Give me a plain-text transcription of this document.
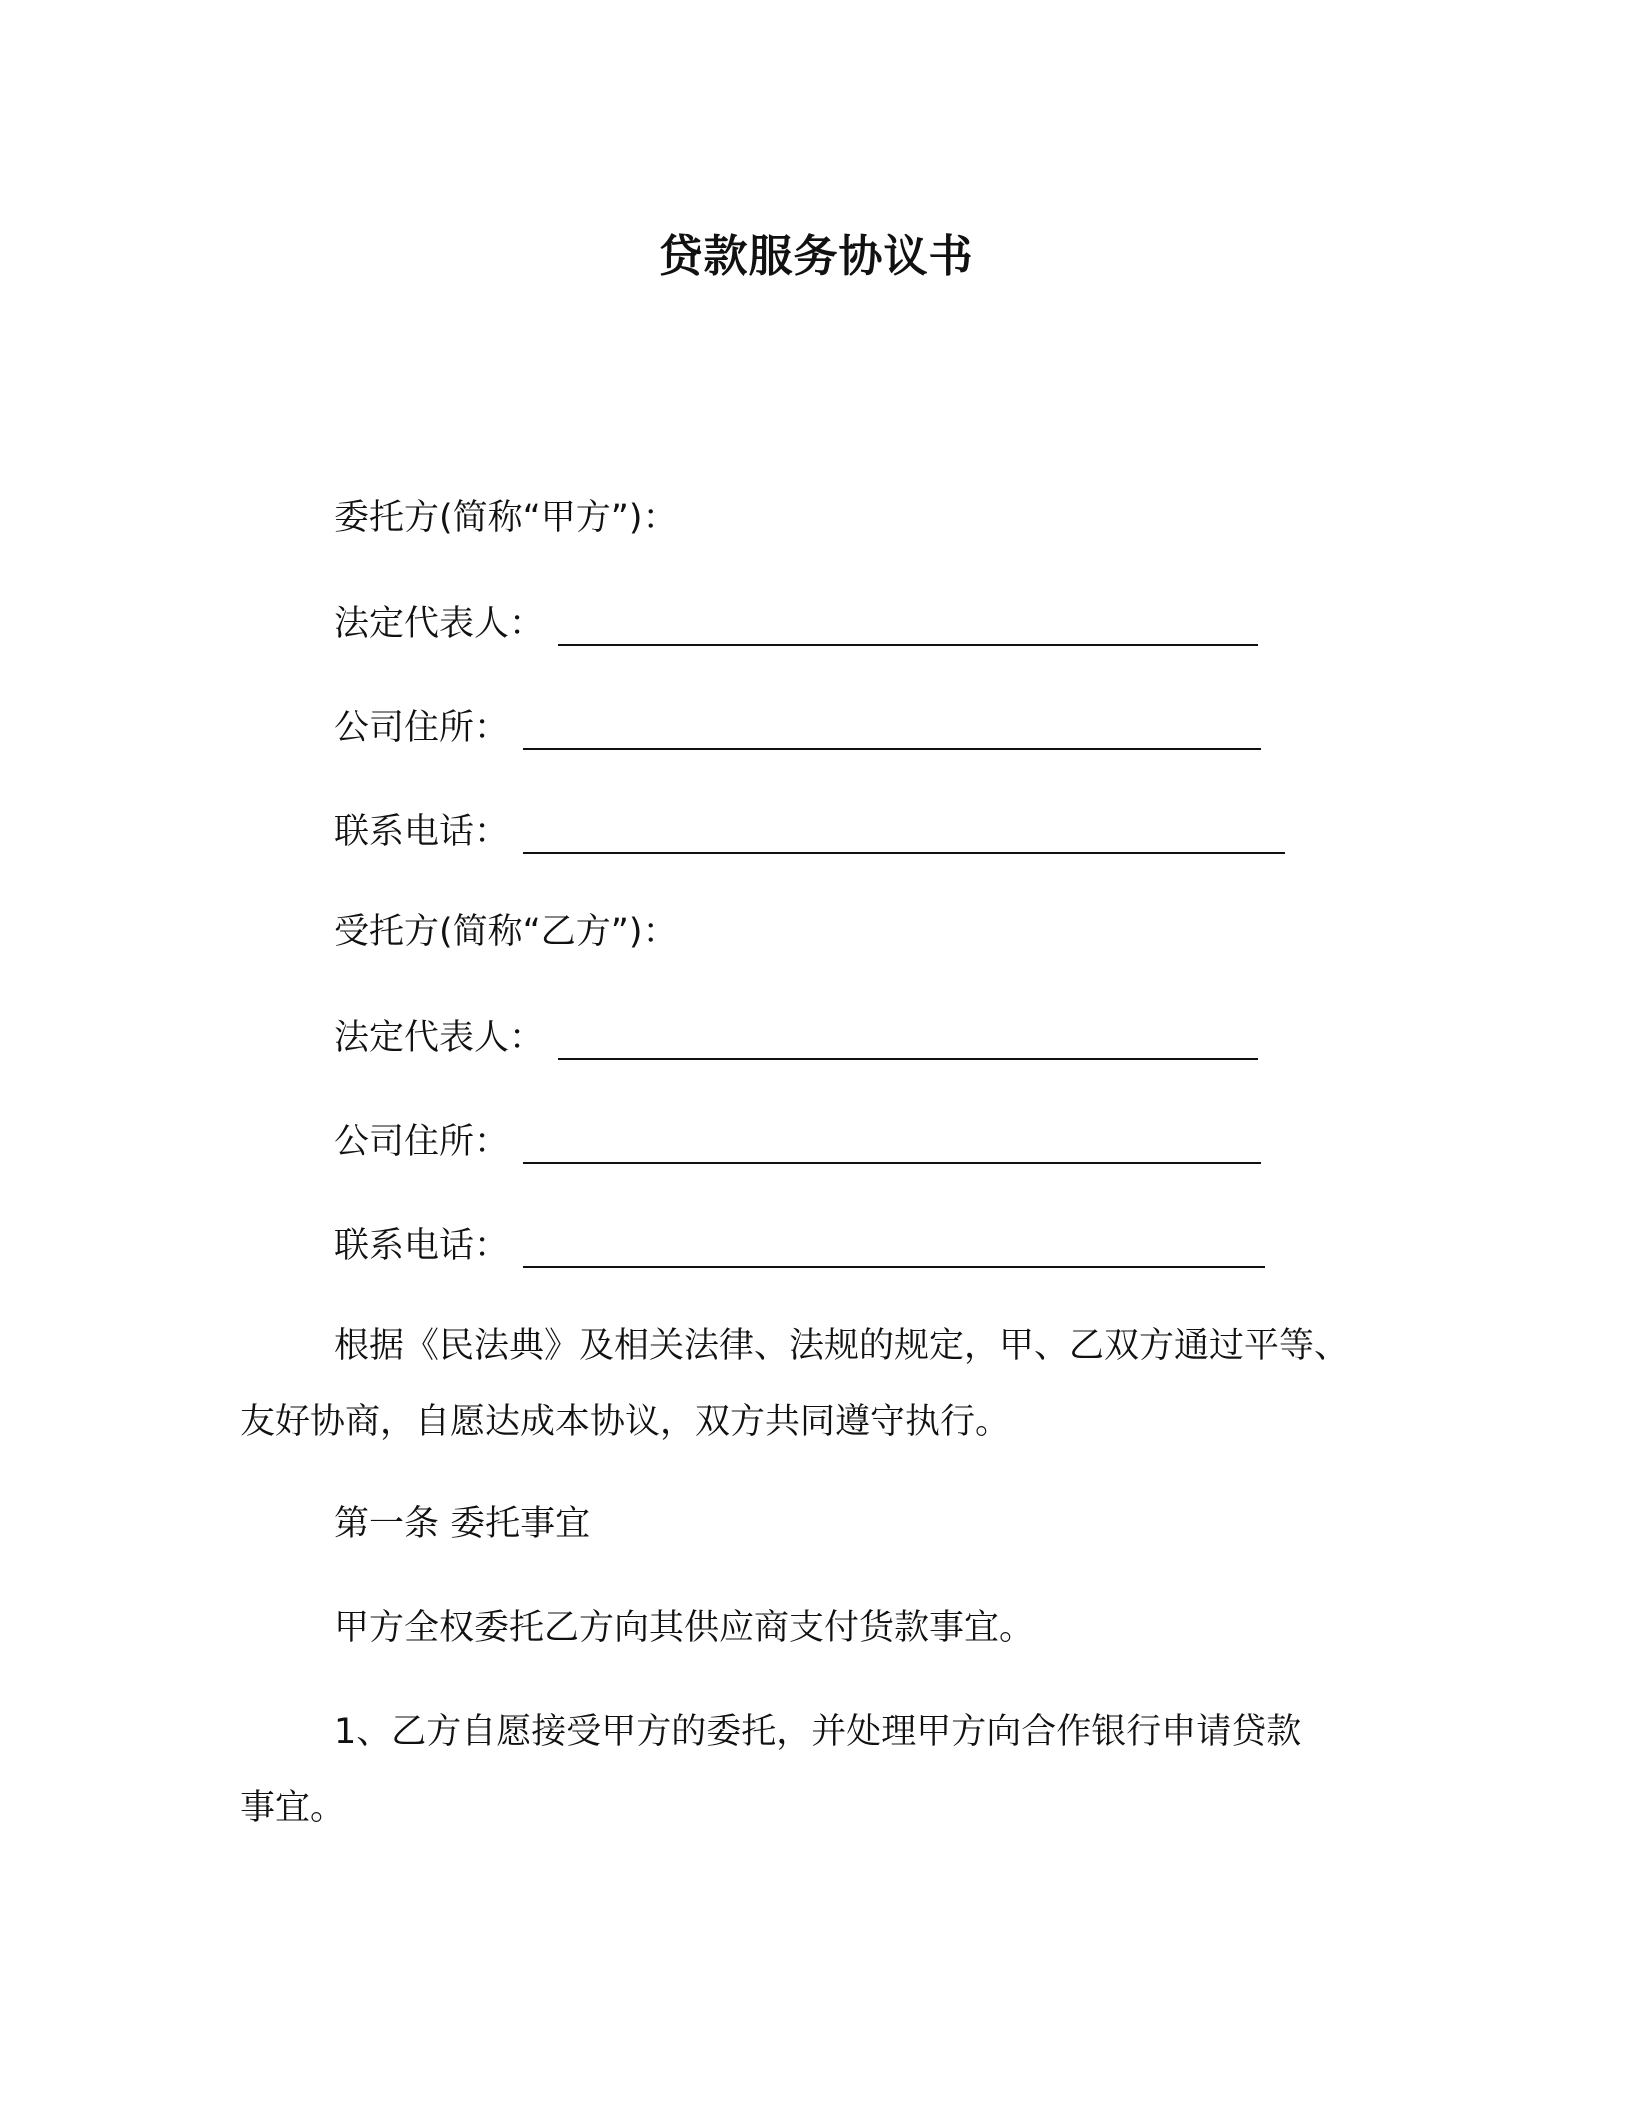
贷款服务协议书
委托方(简称“甲方”)：
法定代表人：
公司住所：
联系电话：
受托方(简称“乙方”)：
法定代表人：
公司住所：
联系电话：
根据《民法典》及相关法律、法规的规定，甲、乙双方通过平等、
友好协商，自愿达成本协议，双方共同遵守执行。
第一条 委托事宜
甲方全权委托乙方向其供应商支付货款事宜。
1、乙方自愿接受甲方的委托，并处理甲方向合作银行申请贷款
事宜。
